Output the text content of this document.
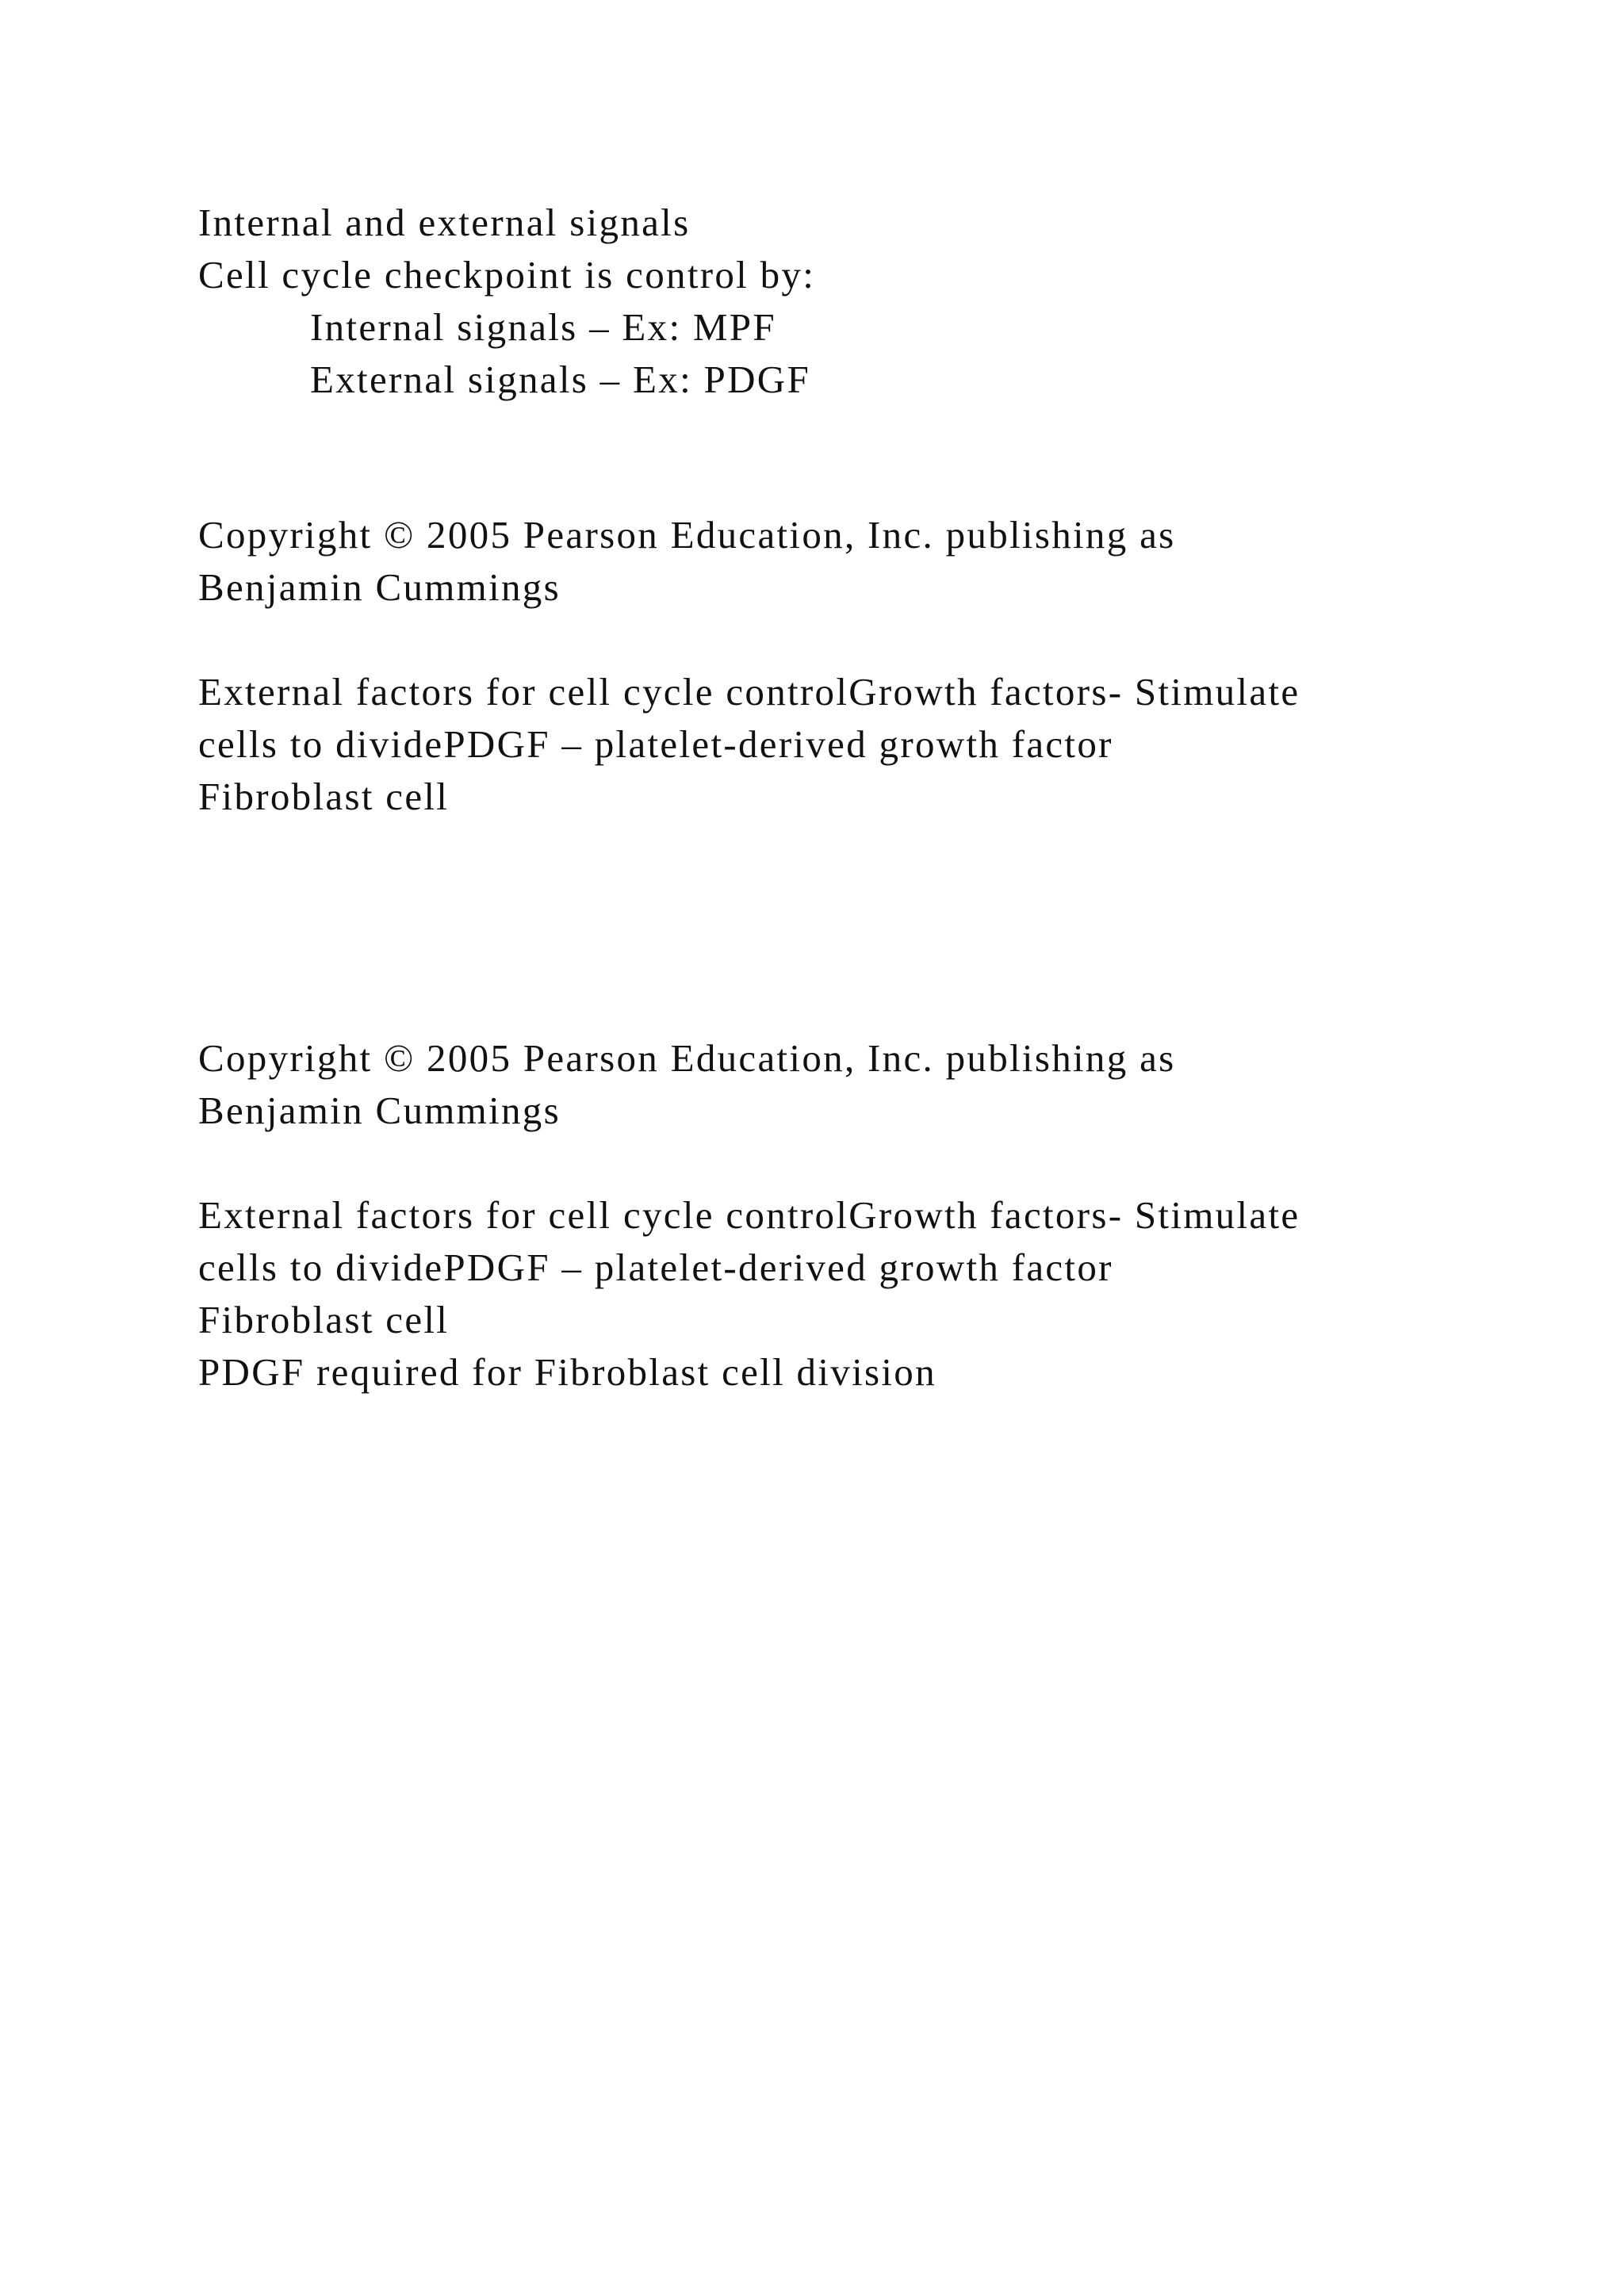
Internal and external signals

Cell cycle checkpoint is control by:

Internal signals – Ex: MPF

External signals – Ex: PDGF

Copyright © 2005 Pearson Education, Inc. publishing as

Benjamin Cummings

External factors for cell cycle controlGrowth factors- Stimulate

cells to dividePDGF – platelet-derived growth factor

Fibroblast cell

Copyright © 2005 Pearson Education, Inc. publishing as

Benjamin Cummings

External factors for cell cycle controlGrowth factors- Stimulate

cells to dividePDGF – platelet-derived growth factor

Fibroblast cell

PDGF required for Fibroblast cell division
